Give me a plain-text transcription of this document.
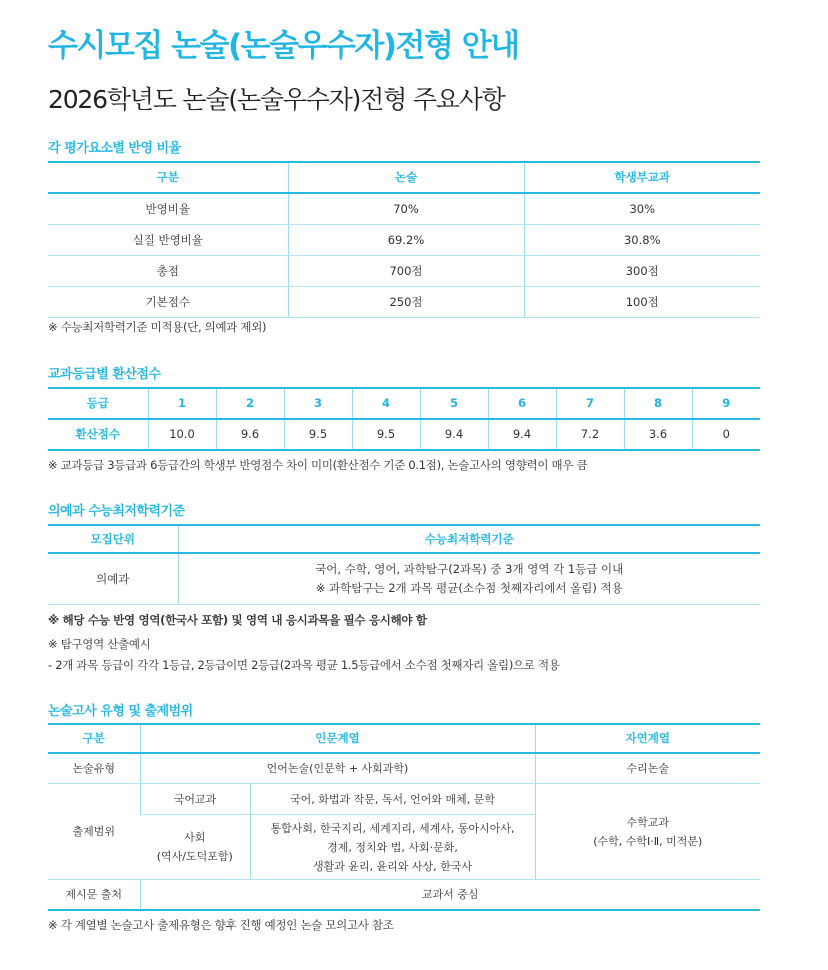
수시모집 논술(논술우수자)전형 안내
2026학년도 논술(논술우수자)전형 주요사항
각 평가요소별 반영 비율
구분	논술	학생부교과
반영비율	70%	30%
실질 반영비율	69.2%	30.8%
총점	700점	300점
기본점수	250점	100점

※ 수능최저학력기준 미적용(단, 의예과 제외)

교과등급별 환산점수
등급	1	2	3	4	5	6	7	8	9
환산점수	10.0	9.6	9.5	9.5	9.4	9.4	7.2	3.6	0

※ 교과등급 3등급과 6등급간의 학생부 반영점수 차이 미미(환산점수 기준 0.1점), 논술고사의 영향력이 매우 큼

의예과 수능최저학력기준
모집단위	수능최저학력기준
의예과	국어, 수학, 영어, 과학탐구(2과목) 중 3개 영역 각 1등급 이내
※ 과학탐구는 2개 과목 평균(소수점 첫째자리에서 올림) 적용

※ 해당 수능 반영 영역(한국사 포함) 및 영역 내 응시과목을 필수 응시해야 함

※ 탐구영역 산출예시

- 2개 과목 등급이 각각 1등급, 2등급이면 2등급(2과목 평균 1.5등급에서 소수점 첫째자리 올림)으로 적용

논술고사 유형 및 출제범위
구분	인문계열		자연계열
논술유형	언어논술(인문학 + 사회과학)		수리논술
출제범위	국어교과	국어, 화법과 작문, 독서, 언어와 매체, 문학	수학교과
(수학, 수학Ⅰ·Ⅱ, 미적분)

	사회
(역사/도덕포함)	통합사회, 한국지리, 세계지리, 세계사, 동아시아사,
경제, 정치와 법, 사회·문화,
생활과 윤리, 윤리와 사상, 한국사	

제시문 출처	교과서 중심		

※ 각 계열별 논술고사 출제유형은 향후 진행 예정인 논술 모의고사 참조
